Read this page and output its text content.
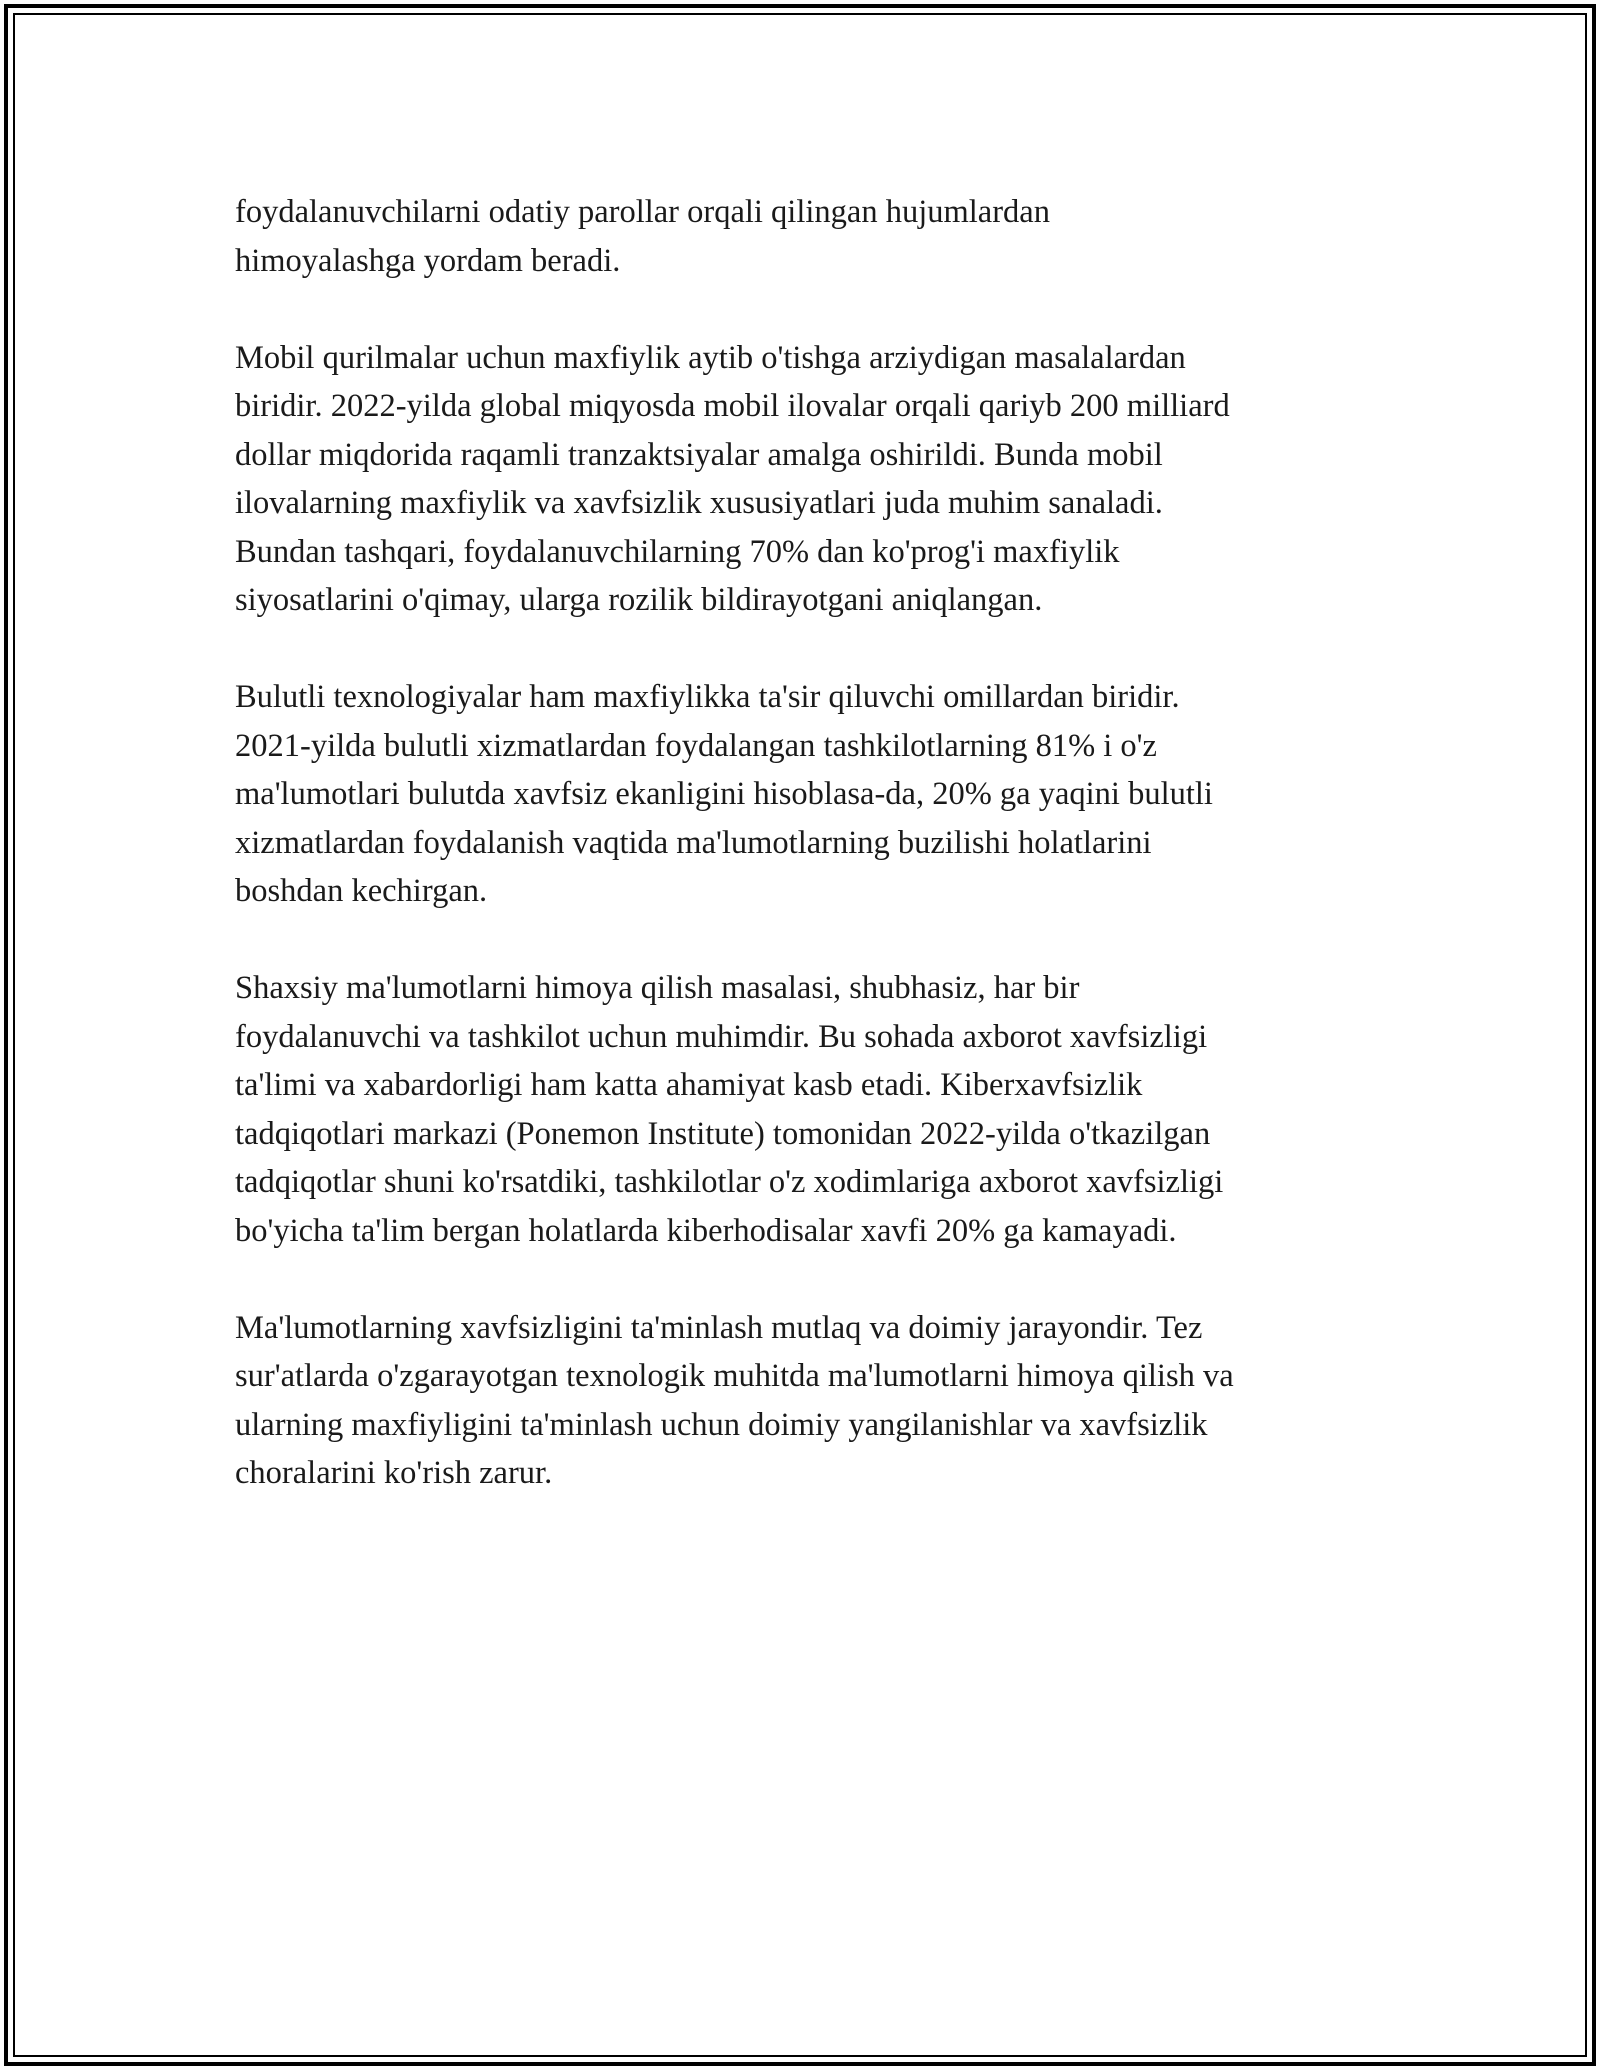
foydalanuvchilarni odatiy parollar orqali qilingan hujumlardan
himoyalashga yordam beradi.

Mobil qurilmalar uchun maxfiylik aytib o'tishga arziydigan masalalardan
biridir. 2022-yilda global miqyosda mobil ilovalar orqali qariyb 200 milliard
dollar miqdorida raqamli tranzaktsiyalar amalga oshirildi. Bunda mobil
ilovalarning maxfiylik va xavfsizlik xususiyatlari juda muhim sanaladi.
Bundan tashqari, foydalanuvchilarning 70% dan ko'prog'i maxfiylik
siyosatlarini o'qimay, ularga rozilik bildirayotgani aniqlangan.

Bulutli texnologiyalar ham maxfiylikka ta'sir qiluvchi omillardan biridir.
2021-yilda bulutli xizmatlardan foydalangan tashkilotlarning 81% i o'z
ma'lumotlari bulutda xavfsiz ekanligini hisoblasa-da, 20% ga yaqini bulutli
xizmatlardan foydalanish vaqtida ma'lumotlarning buzilishi holatlarini
boshdan kechirgan.

Shaxsiy ma'lumotlarni himoya qilish masalasi, shubhasiz, har bir
foydalanuvchi va tashkilot uchun muhimdir. Bu sohada axborot xavfsizligi
ta'limi va xabardorligi ham katta ahamiyat kasb etadi. Kiberxavfsizlik
tadqiqotlari markazi (Ponemon Institute) tomonidan 2022-yilda o'tkazilgan
tadqiqotlar shuni ko'rsatdiki, tashkilotlar o'z xodimlariga axborot xavfsizligi
bo'yicha ta'lim bergan holatlarda kiberhodisalar xavfi 20% ga kamayadi.

Ma'lumotlarning xavfsizligini ta'minlash mutlaq va doimiy jarayondir. Tez
sur'atlarda o'zgarayotgan texnologik muhitda ma'lumotlarni himoya qilish va
ularning maxfiyligini ta'minlash uchun doimiy yangilanishlar va xavfsizlik
choralarini ko'rish zarur.
